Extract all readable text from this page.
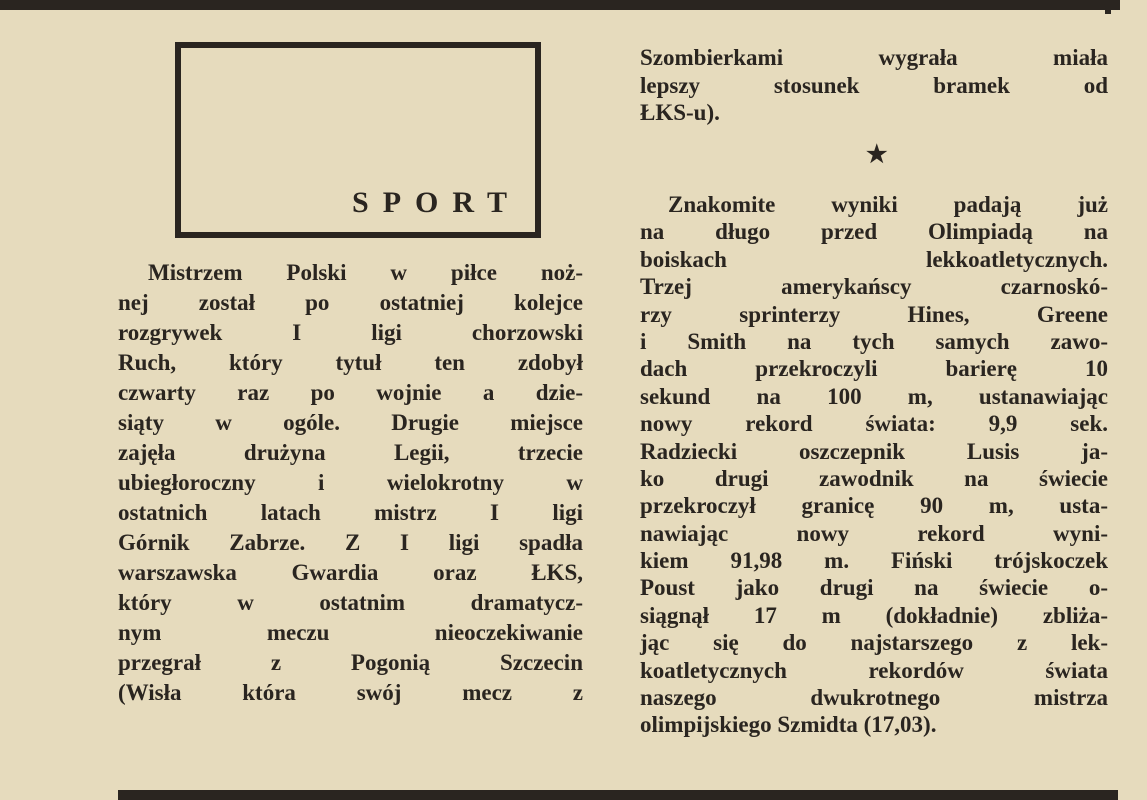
SPORT
Mistrzem Polski w piłce noż-
nej został po ostatniej kolejce
rozgrywek I ligi chorzowski
Ruch, który tytuł ten zdobył
czwarty raz po wojnie a dzie-
siąty w ogóle. Drugie miejsce
zajęła drużyna Legii, trzecie
ubiegłoroczny i wielokrotny w
ostatnich latach mistrz I ligi
Górnik Zabrze. Z I ligi spadła
warszawska Gwardia oraz ŁKS,
który w ostatnim dramatycz-
nym meczu nieoczekiwanie
przegrał z Pogonią Szczecin
(Wisła która swój mecz z
Szombierkami wygrała miała
lepszy stosunek bramek od
ŁKS-u).
★
Znakomite wyniki padają już
na długo przed Olimpiadą na
boiskach lekkoatletycznych.
Trzej amerykańscy czarnoskó-
rzy sprinterzy Hines, Greene
i Smith na tych samych zawo-
dach przekroczyli barierę 10
sekund na 100 m, ustanawiając
nowy rekord świata: 9,9 sek.
Radziecki oszczepnik Lusis ja-
ko drugi zawodnik na świecie
przekroczył granicę 90 m, usta-
nawiając nowy rekord wyni-
kiem 91,98 m. Fiński trójskoczek
Poust jako drugi na świecie o-
siągnął 17 m (dokładnie) zbliża-
jąc się do najstarszego z lek-
koatletycznych rekordów świata
naszego dwukrotnego mistrza
olimpijskiego Szmidta (17,03).
